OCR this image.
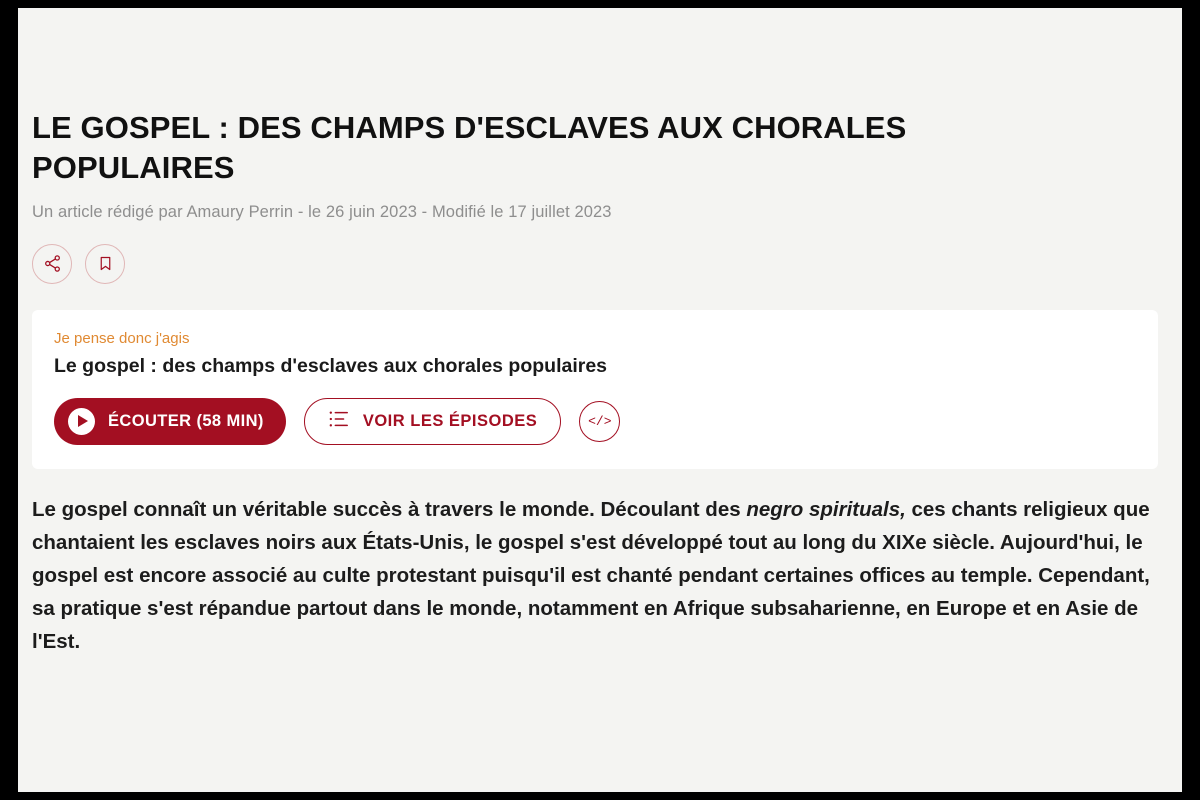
LE GOSPEL : DES CHAMPS D'ESCLAVES AUX CHORALES POPULAIRES
Un article rédigé par Amaury Perrin - le 26 juin 2023 - Modifié le 17 juillet 2023
Je pense donc j'agis
Le gospel : des champs d'esclaves aux chorales populaires
ÉCOUTER (58 MIN)	VOIR LES ÉPISODES	</>

Le gospel connaît un véritable succès à travers le monde. Découlant des negro spirituals, ces chants religieux que chantaient les esclaves noirs aux États-Unis, le gospel s'est développé tout au long du XIXe siècle. Aujourd'hui, le gospel est encore associé au culte protestant puisqu'il est chanté pendant certaines offices au temple. Cependant, sa pratique s'est répandue partout dans le monde, notamment en Afrique subsaharienne, en Europe et en Asie de l'Est.
